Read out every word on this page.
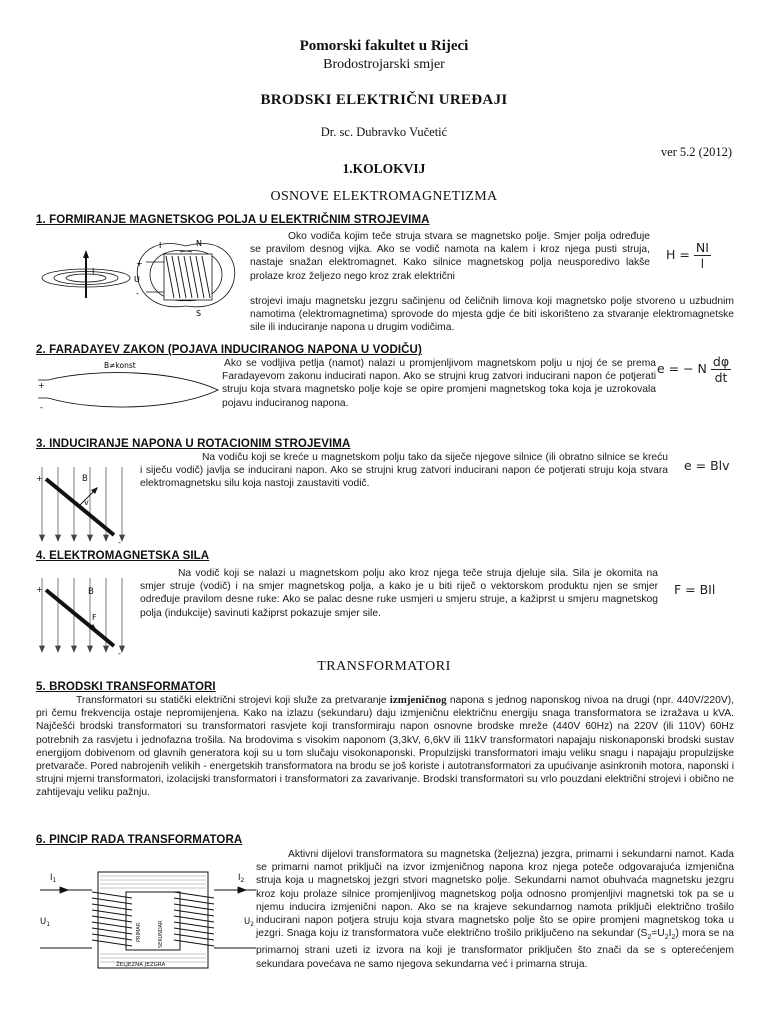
Pomorski fakultet u Rijeci
Brodostrojarski smjer
BRODSKI ELEKTRIČNI UREĐAJI
Dr. sc. Dubravko Vučetić
ver 5.2 (2012)
1.KOLOKVIJ
OSNOVE ELEKTROMAGNETIZMA
1. FORMIRANJE MAGNETSKOG POLJA U ELEKTRIČNIM STROJEVIMA
I
+
-
U
I	N
S
Oko vodiča kojim teče struja stvara se magnetsko polje. Smjer polja određuje se pravilom desnog vijka. Ako se vodič namota na kalem i kroz njega pusti struja, nastaje snažan elektromagnet. Kako silnice magnetskog polja neusporedivo lakše prolaze kroz željezo nego kroz zrak električni
strojevi imaju magnetsku jezgru sačinjenu od čeličnih limova koji magnetsko polje stvoreno u uzbudnim namotima (elektromagnetima) sprovode do mjesta gdje će biti iskorišteno za stvaranje elektromagnetske sile ili induciranje napona u drugim vodičima.
$H = \frac{NI}{l}$
2. FARADAYEV ZAKON (POJAVA INDUCIRANOG NAPONA U VODIČU)
B≠konst
+
-
Ako se vodljiva petlja (namot) nalazi u promjenljivom magnetskom polju u njoj će se prema Faradayevom zakonu inducirati napon. Ako se strujni krug zatvori inducirani napon će potjerati struju koja stvara magnetsko polje koje se opire promjeni magnetskog toka koja je uzrokovala pojavu induciranog napona.
e = − N $\frac{d\varphi}{dt}$
3. INDUCIRANJE NAPONA U ROTACIONIM STROJEVIMA
B
v
+
-
Na vodiču koji se kreće u magnetskom polju tako da siječe njegove silnice (ili obratno silnice se kreću i siječu vodič) javlja se inducirani napon. Ako se strujni krug zatvori inducirani napon će potjerati struju koja stvara elektromagnetsku silu koja nastoji zaustaviti vodič.
e = Blv
4. ELEKTROMAGNETSKA SILA
B
F
+
-
Na vodič koji se nalazi u magnetskom polju ako kroz njega teče struja djeluje sila. Sila je okomita na smjer struje (vodič) i na smjer magnetskog polja, a kako je u biti riječ o vektorskom produktu njen se smjer određuje pravilom desne ruke: Ako se palac desne ruke usmjeri u smjeru struje, a kažiprst u smjeru magnetskog polja (indukcije) savinuti kažiprst pokazuje smjer sile.
F = BIl
TRANSFORMATORI
5. BRODSKI TRANSFORMATORI
Transformatori su statički električni strojevi koji služe za pretvaranje izmjeničnog napona s jednog naponskog nivoa na drugi (npr. 440V/220V), pri čemu frekvencija ostaje nepromijenjena. Kako na izlazu (sekundaru) daju izmjeničnu električnu energiju snaga transformatora se izražava u kVA. Najčešći brodski transformatori su transformatori rasvjete koji transformiraju napon osnovne brodske mreže (440V 60Hz) na 220V (ili 110V) 60Hz potrebnih za rasvjetu i jednofazna trošila. Na brodovima s visokim naponom (3,3kV, 6,6kV ili 11kV transformatori napajaju niskonaponski brodski sustav energijom dobivenom od glavnih generatora koji su u tom slučaju visokonaponski. Propulzijski transformatori imaju veliku snagu i napajaju propulzijske pretvarače. Pored nabrojenih velikih - energetskih transformatora na brodu se još koriste i autotransformatori za upućivanje asinkronih motora, naponski i strujni mjerni transformatori, izolacijski transformatori i transformatori za zavarivanje. Brodski transformatori su vrlo pouzdani električni strojevi i obično ne zahtijevaju veliku pažnju.
6. PINCIP RADA TRANSFORMATORA
$I_1$	$I_2$
$U_1$	$U_2$
PRIMAR	SEKUNDAR
ŽELJEZNA JEZGRA
Aktivni dijelovi transformatora su magnetska (željezna) jezgra, primarni i sekundarni namot. Kada se primarni namot priključi na izvor izmjeničnog napona kroz njega poteče odgovarajuća izmjenična struja koja u magnetskoj jezgri stvori magnetsko polje. Sekundarni namot obuhvaća magnetsku jezgru kroz koju prolaze silnice promjenljivog magnetskog polja odnosno promjenljivi magnetski tok pa se u njemu inducira izmjenični napon. Ako se na krajeve sekundarnog namota priključi električno trošilo inducirani napon potjera struju koja stvara magnetsko polje što se opire promjeni magnetskog toka u jezgri. Snaga koju iz transformatora vuče električno trošilo priključeno na sekundar $(S_2=U_2I_2)$ mora se na primarnoj strani uzeti iz izvora na koji je transformator priključen što znači da se s opterećenjem sekundara povećava ne samo njegova sekundarna već i primarna struja.
